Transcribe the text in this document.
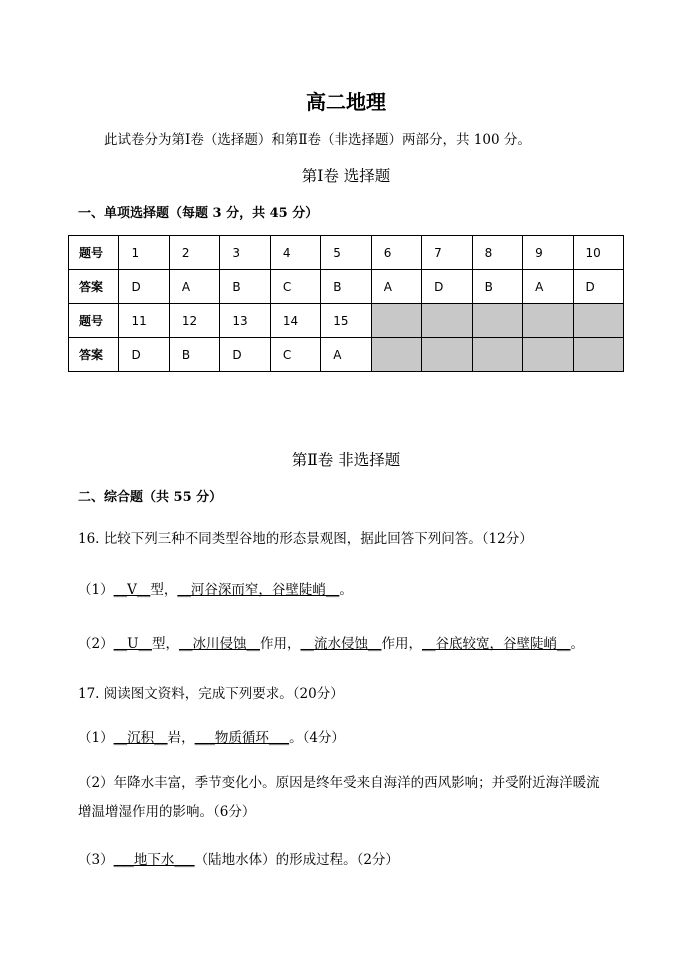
高二地理
此试卷分为第Ⅰ卷（选择题）和第Ⅱ卷（非选择题）两部分，共 100 分。
第Ⅰ卷 选择题
一、单项选择题（每题 3 分，共 45 分）
题号	1	2	3	4	5	6	7	8	9	10
答案	D	A	B	C	B	A	D	B	A	D
题号	11	12	13	14	15					
答案	D	B	D	C	A					
第Ⅱ卷 非选择题
二、综合题（共 55 分）
16. 比较下列三种不同类型谷地的形态景观图，据此回答下列问答。（12分）
（1）__V__型，__河谷深而窄，谷壁陡峭__。
（2）__U__型，__冰川侵蚀__作用，__流水侵蚀__作用，__谷底较宽，谷壁陡峭__。
17. 阅读图文资料，完成下列要求。（20分）
（1）__沉积__岩，___物质循环___。（4分）
（2）年降水丰富，季节变化小。原因是终年受来自海洋的西风影响；并受附近海洋暖流
增温增湿作用的影响。（6分）
（3）___地下水___（陆地水体）的形成过程。（2分）
